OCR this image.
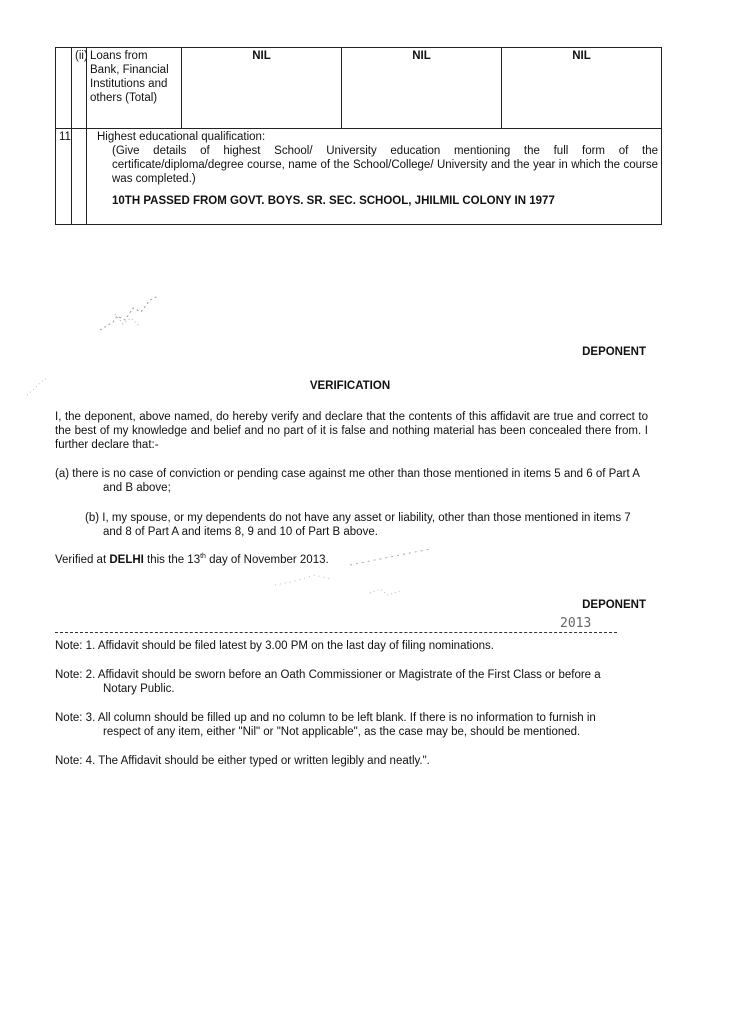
	(ii)	Loans from Bank, Financial Institutions and others (Total)	NIL	NIL	NIL
11		Highest educational qualification:
(Give details of highest School/ University education mentioning the full form of the certificate/diploma/degree course, name of the School/College/ University and the year in which the course was completed.)
10TH PASSED FROM GOVT. BOYS. SR. SEC. SCHOOL, JHILMIL COLONY IN 1977			
DEPONENT
VERIFICATION
I, the deponent, above named, do hereby verify and declare that the contents of this affidavit are true and correct to the best of my knowledge and belief and no part of it is false and nothing material has been concealed there from. I further declare that:-
(a) there is no case of conviction or pending case against me other than those mentioned in items 5 and 6 of Part A and B above;
(b) I, my spouse, or my dependents do not have any asset or liability, other than those mentioned in items 7 and 8 of Part A and items 8, 9 and 10 of Part B above.
Verified at DELHI this the 13th day of November 2013.
DEPONENT
2013
Note: 1. Affidavit should be filed latest by 3.00 PM on the last day of filing nominations.
Note: 2. Affidavit should be sworn before an Oath Commissioner or Magistrate of the First Class or before a Notary Public.
Note: 3. All column should be filled up and no column to be left blank. If there is no information to furnish in respect of any item, either "Nil" or "Not applicable", as the case may be, should be mentioned.
Note: 4. The Affidavit should be either typed or written legibly and neatly.".
